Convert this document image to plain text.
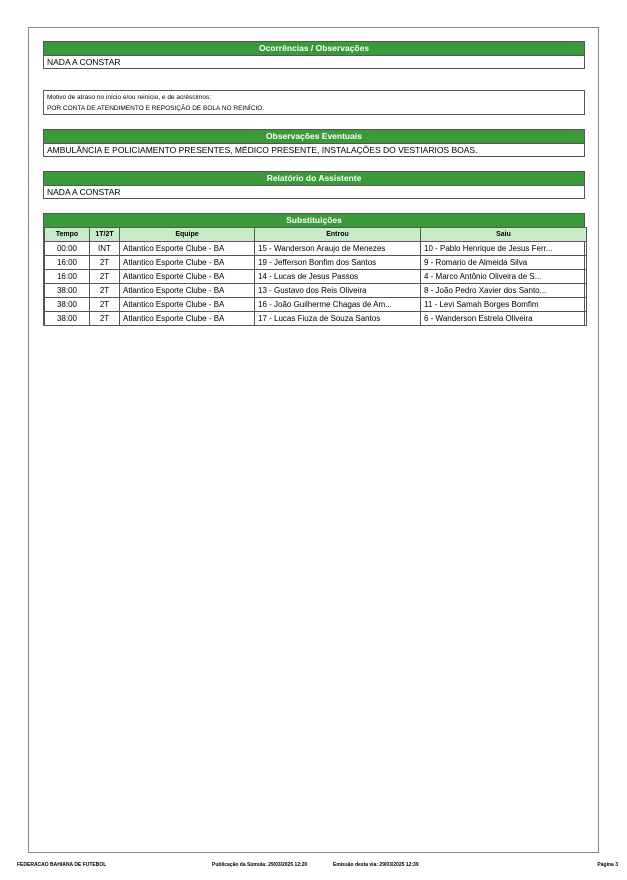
Ocorrências / Observações
NADA A CONSTAR
Motivo de atraso no início e/ou reinício, e de acréscimos:
POR CONTA DE ATENDIMENTO E REPOSIÇÃO DE BOLA NO REINÍCIO.
Observações Eventuais
AMBULÂNCIA E POLICIAMENTO PRESENTES, MÉDICO PRESENTE, INSTALAÇÕES DO VESTIARIOS BOAS.
Relatório do Assistente
NADA A CONSTAR
Substituições
Tempo	1T/2T	Equipe	Entrou	Saiu
00:00	INT	Atlantico Esporte Clube - BA	15 - Wanderson Araujo de Menezes	10 - Pablo Henrique de Jesus Ferr...
16:00	2T	Atlantico Esporte Clube - BA	19 - Jefferson Bonfim dos Santos	9 - Romario de Almeida Silva
16:00	2T	Atlantico Esporte Clube - BA	14 - Lucas de Jesus Passos	4 - Marco Antônio Oliveira de S...
38:00	2T	Atlantico Esporte Clube - BA	13 - Gustavo dos Reis Oliveira	8 - João Pedro Xavier dos Santo...
38:00	2T	Atlantico Esporte Clube - BA	16 - João Guilherme Chagas de Am...	11 - Levi Samah Borges Bomfim
38:00	2T	Atlantico Esporte Clube - BA	17 - Lucas Fiuza de Souza Santos	6 - Wanderson Estrela Oliveira
FEDERACAO BAHIANA DE FUTEBOL	Publicação da Súmula: 29/03/2025 12:20	Emissão desta via: 29/03/2025 12:39	Página 3
